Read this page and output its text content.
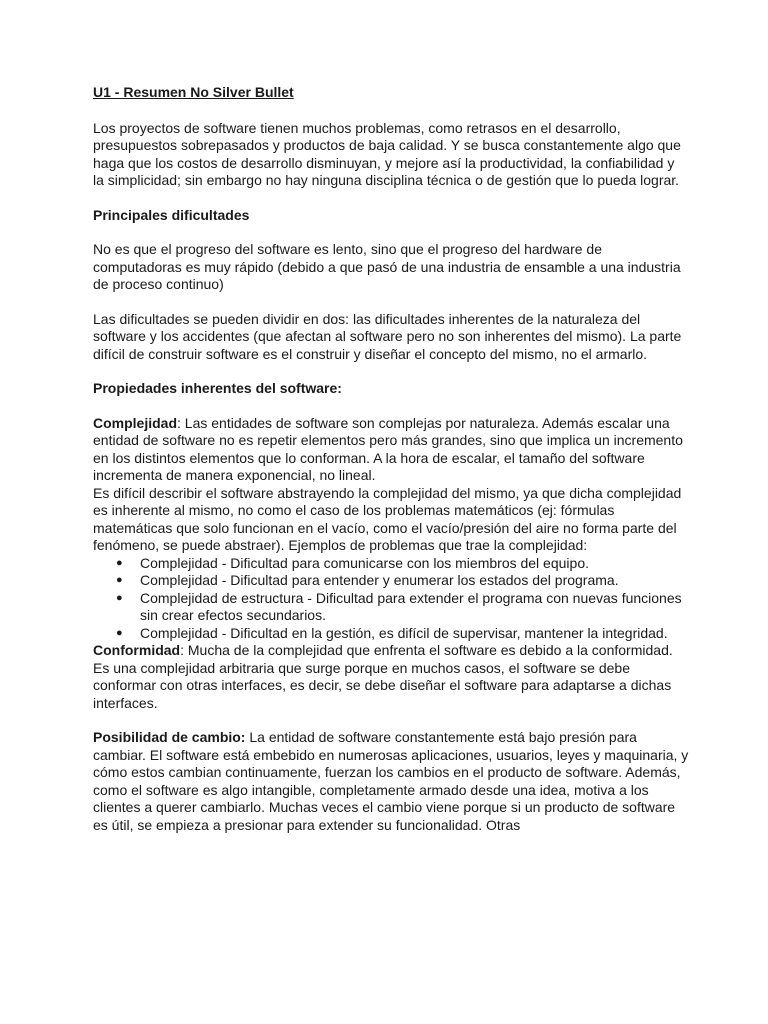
U1 - Resumen No Silver Bullet

Los proyectos de software tienen muchos problemas, como retrasos en el desarrollo, presupuestos sobrepasados y productos de baja calidad. Y se busca constantemente algo que haga que los costos de desarrollo disminuyan, y mejore así la productividad, la confiabilidad y la simplicidad; sin embargo no hay ninguna disciplina técnica o de gestión que lo pueda lograr.

Principales dificultades

No es que el progreso del software es lento, sino que el progreso del hardware de computadoras es muy rápido (debido a que pasó de una industria de ensamble a una industria de proceso continuo)

Las dificultades se pueden dividir en dos: las dificultades inherentes de la naturaleza del software y los accidentes (que afectan al software pero no son inherentes del mismo). La parte difícil de construir software es el construir y diseñar el concepto del mismo, no el armarlo.

Propiedades inherentes del software:

Complejidad: Las entidades de software son complejas por naturaleza. Además escalar una entidad de software no es repetir elementos pero más grandes, sino que implica un incremento en los distintos elementos que lo conforman. A la hora de escalar, el tamaño del software incrementa de manera exponencial, no lineal.

Es difícil describir el software abstrayendo la complejidad del mismo, ya que dicha complejidad es inherente al mismo, no como el caso de los problemas matemáticos (ej: fórmulas matemáticas que solo funcionan en el vacío, como el vacío/presión del aire no forma parte del fenómeno, se puede abstraer). Ejemplos de problemas que trae la complejidad:

● Complejidad - Dificultad para comunicarse con los miembros del equipo.
● Complejidad - Dificultad para entender y enumerar los estados del programa.
● Complejidad de estructura - Dificultad para extender el programa con nuevas funciones sin crear efectos secundarios.
● Complejidad - Dificultad en la gestión, es difícil de supervisar, mantener la integridad.

Conformidad: Mucha de la complejidad que enfrenta el software es debido a la conformidad. Es una complejidad arbitraria que surge porque en muchos casos, el software se debe conformar con otras interfaces, es decir, se debe diseñar el software para adaptarse a dichas interfaces.

Posibilidad de cambio: La entidad de software constantemente está bajo presión para cambiar. El software está embebido en numerosas aplicaciones, usuarios, leyes y maquinaria, y cómo estos cambian continuamente, fuerzan los cambios en el producto de software. Además, como el software es algo intangible, completamente armado desde una idea, motiva a los clientes a querer cambiarlo. Muchas veces el cambio viene porque si un producto de software es útil, se empieza a presionar para extender su funcionalidad. Otras
